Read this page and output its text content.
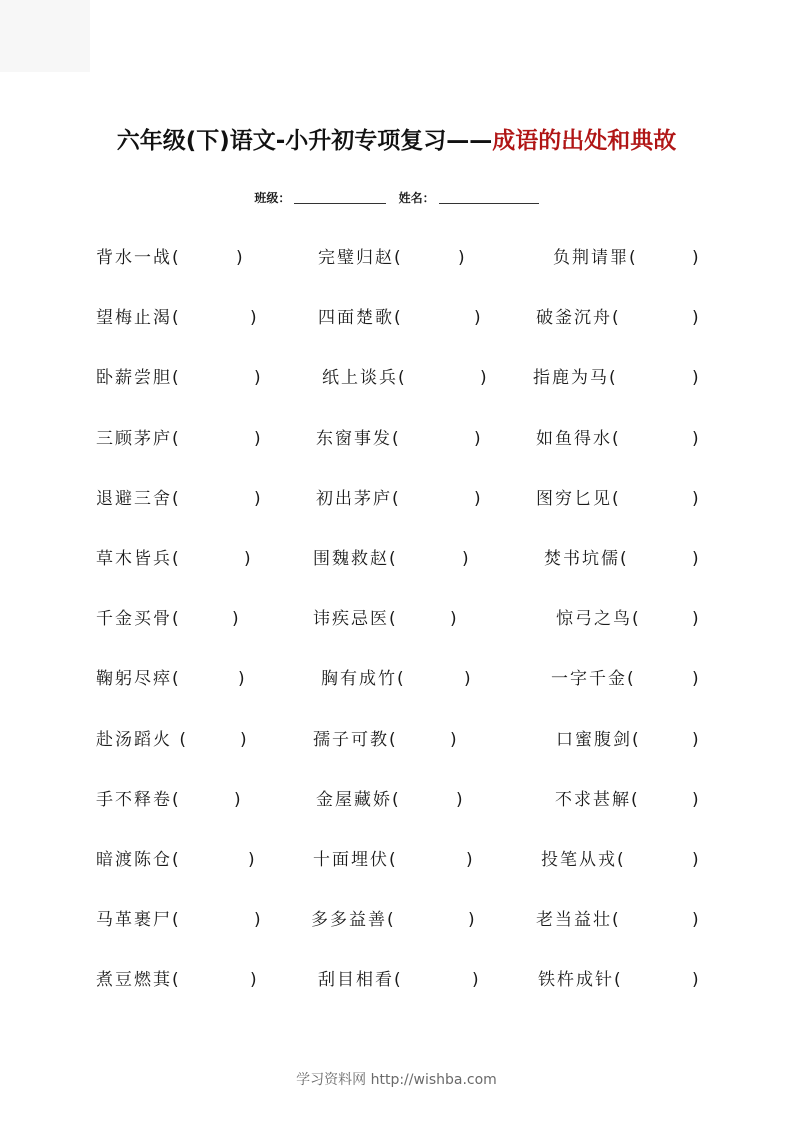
六年级(下)语文-小升初专项复习——成语的出处和典故
班级：	姓名：
背水一战(	)	完璧归赵(	)	负荆请罪(	)
望梅止渴(	)	四面楚歌(	)	破釜沉舟(	)
卧薪尝胆(	)	纸上谈兵(	)	指鹿为马(	)
三顾茅庐(	)	东窗事发(	)	如鱼得水(	)
退避三舍(	)	初出茅庐(	)	图穷匕见(	)
草木皆兵(	)	围魏救赵(	)	焚书坑儒(	)
千金买骨(	)	讳疾忌医(	)	惊弓之鸟(	)
鞠躬尽瘁(	)	胸有成竹(	)	一字千金(	)
赴汤蹈火 (	)	孺子可教(	)	口蜜腹剑(	)
手不释卷(	)	金屋藏娇(	)	不求甚解(	)
暗渡陈仓(	)	十面埋伏(	)	投笔从戎(	)
马革裹尸(	)	多多益善(	)	老当益壮(	)
煮豆燃萁(	)	刮目相看(	)	铁杵成针(	)
学习资料网 http://wishba.com
